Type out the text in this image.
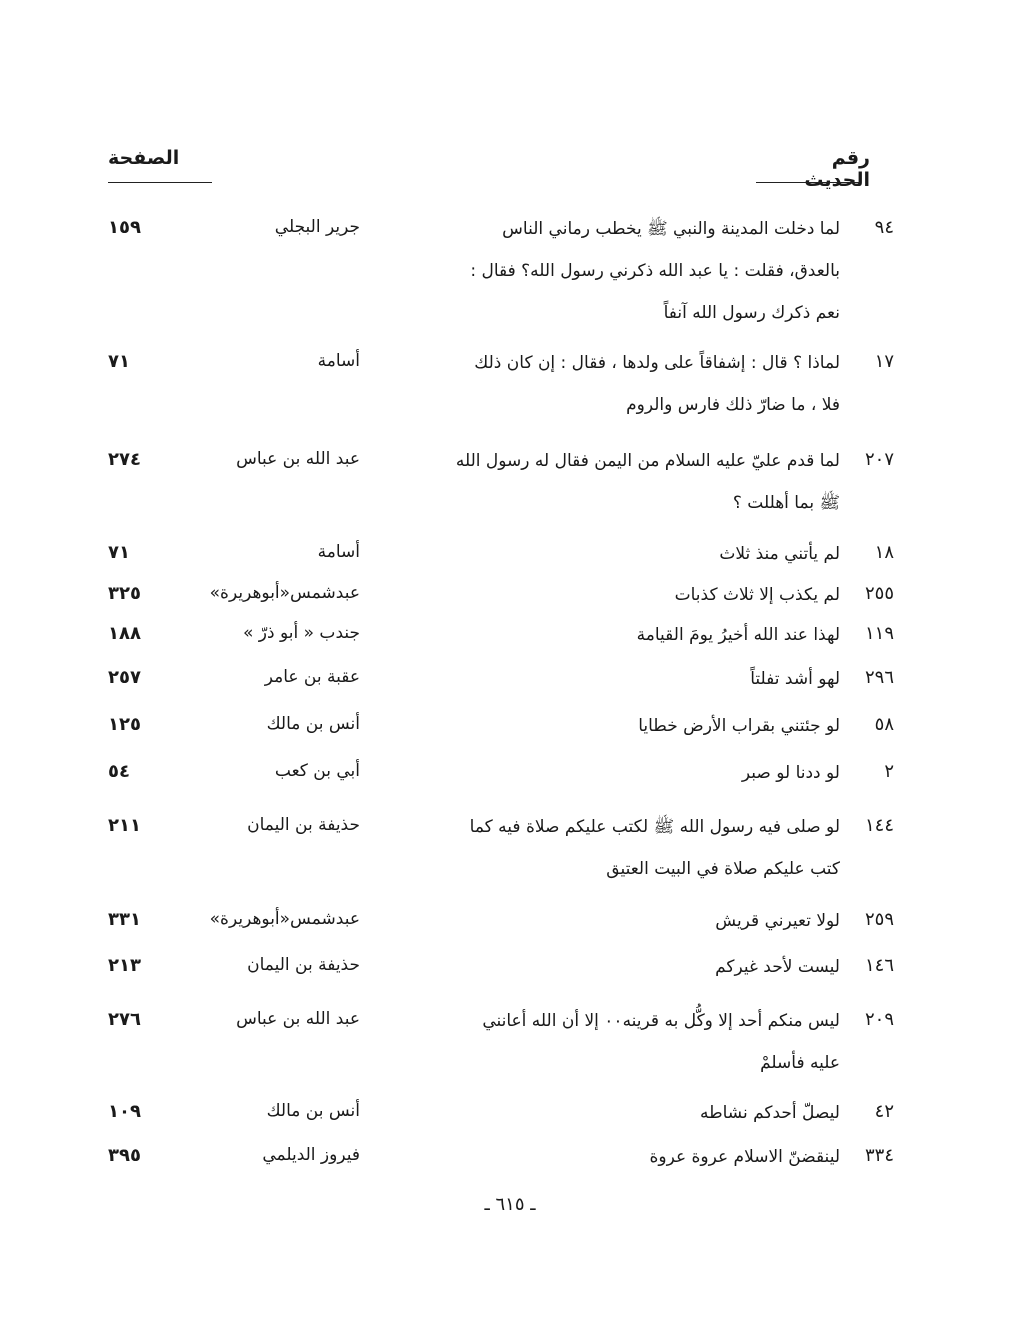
رقم الحديث
الصفحة
٩٤
لما دخلت المدينة والنبي ﷺ يخطب رماني الناس
بالعدق، فقلت : يا عبد الله ذكرني رسول الله؟ فقال :
نعم ذكرك رسول الله آنفاً
جرير البجلي
١٥٩
١٧
لماذا ؟ قال : إشفاقاً على ولدها ، فقال : إن كان ذلك
فلا ، ما ضارّ ذلك فارس والروم
أسامة
٧١
٢٠٧
لما قدم عليّ عليه السلام من اليمن فقال له رسول الله
ﷺ بما أهللت ؟
عبد الله بن عباس
٢٧٤
١٨
لم يأتني منذ ثلاث
أسامة
٧١
٢٥٥
لم يكذب إلا ثلاث كذبات
عبدشمس«أبوهريرة»
٣٢٥
١١٩
لهذا عند الله أخيرُ يومَ القيامة
جندب « أبو ذرّ »
١٨٨
٢٩٦
لهو أشد تفلتاً
عقبة بن عامر
٢٥٧
٥٨
لو جئتني بقراب الأرض خطايا
أنس بن مالك
١٢٥
٢
لو ددنا لو صبر
أبي بن كعب
٥٤
١٤٤
لو صلى فيه رسول الله ﷺ لكتب عليكم صلاة فيه كما
كتب عليكم صلاة في البيت العتيق
حذيفة بن اليمان
٢١١
٢٥٩
لولا تعيرني قريش
عبدشمس«أبوهريرة»
٣٣١
١٤٦
ليست لأحد غيركم
حذيفة بن اليمان
٢١٣
٢٠٩
ليس منكم أحد إلا وكُّل به قرينه٠٠ إلا أن الله أعانني
عليه فأسلمْ
عبد الله بن عباس
٢٧٦
٤٢
ليصلّ أحدكم نشاطه
أنس بن مالك
١٠٩
٣٣٤
لينقضنّ الاسلام عروة عروة
فيروز الديلمي
٣٩٥
ـ ٦١٥ ـ
